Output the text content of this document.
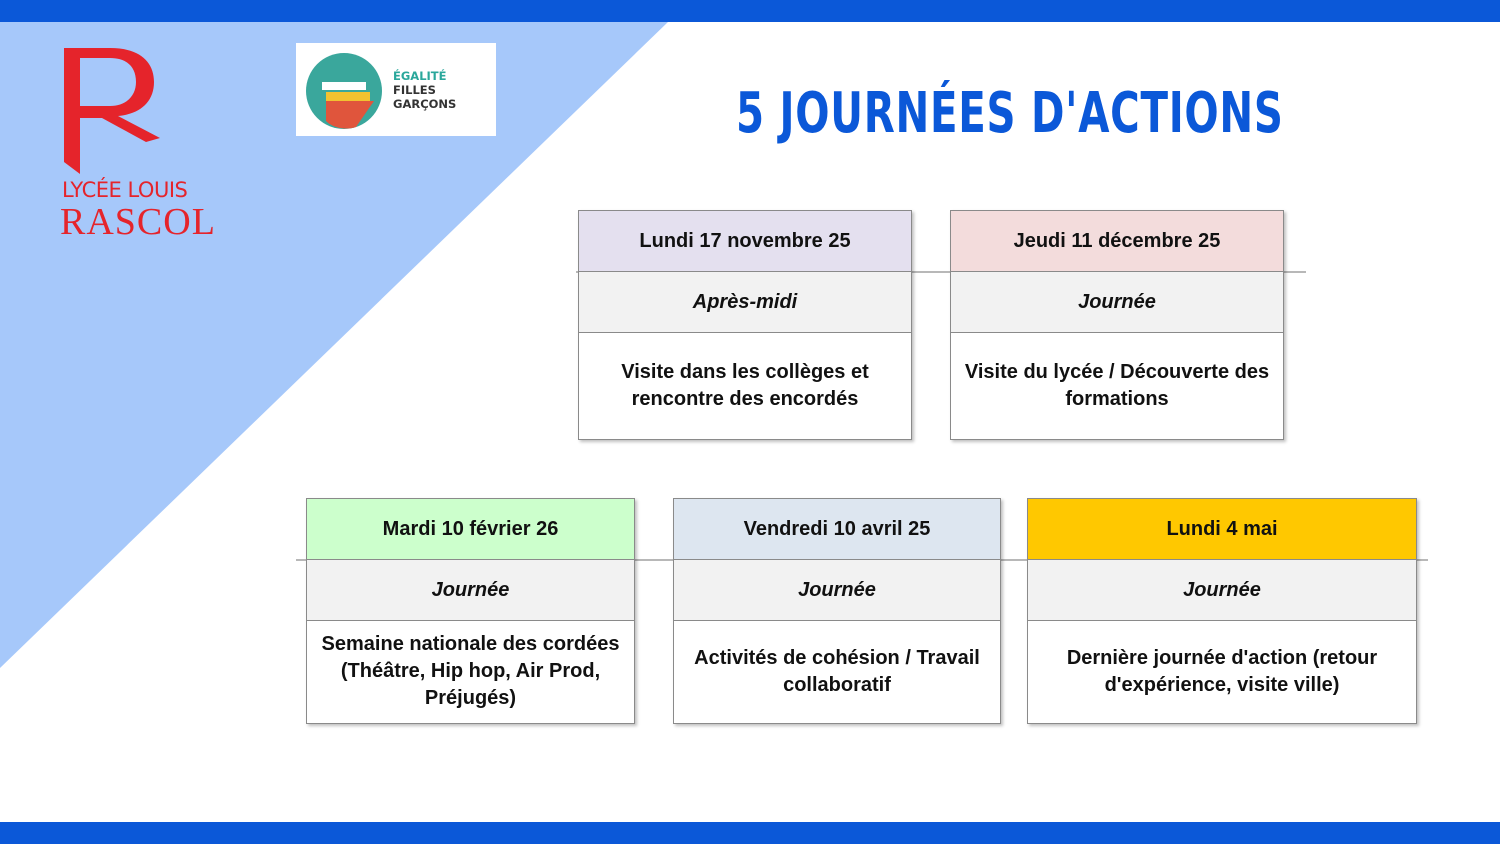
LYCÉE LOUIS
RASCOL
ÉGALITÉ
FILLES
GARÇONS	5 JOURNÉES D'ACTIONS
Lundi 17 novembre 25
Après-midi
Visite dans les collèges et rencontre des encordés
Jeudi 11 décembre 25
Journée
Visite du lycée / Découverte des formations
Mardi 10 février 26
Journée
Semaine nationale des cordées (Théâtre, Hip hop, Air Prod, Préjugés)
Vendredi 10 avril 25
Journée
Activités de cohésion / Travail collaboratif
Lundi 4 mai
Journée
Dernière journée d'action (retour d'expérience, visite ville)
